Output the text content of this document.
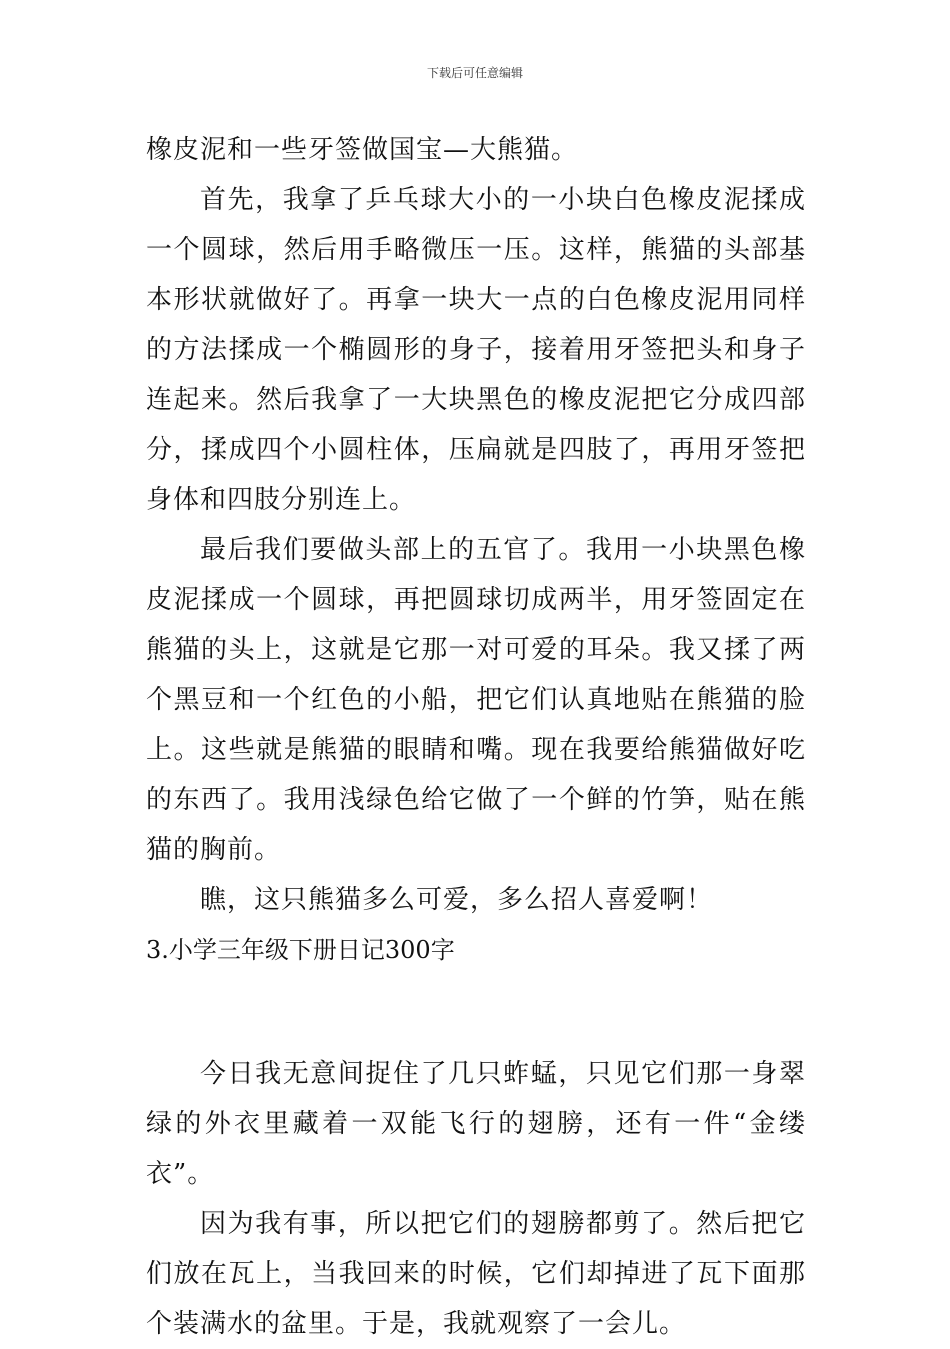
下载后可任意编辑

橡皮泥和一些牙签做国宝—大熊猫。

首先，我拿了乒乓球大小的一小块白色橡皮泥揉成一个圆球，然后用手略微压一压。这样，熊猫的头部基本形状就做好了。再拿一块大一点的白色橡皮泥用同样的方法揉成一个椭圆形的身子，接着用牙签把头和身子连起来。然后我拿了一大块黑色的橡皮泥把它分成四部分，揉成四个小圆柱体，压扁就是四肢了，再用牙签把身体和四肢分别连上。

最后我们要做头部上的五官了。我用一小块黑色橡皮泥揉成一个圆球，再把圆球切成两半，用牙签固定在熊猫的头上，这就是它那一对可爱的耳朵。我又揉了两个黑豆和一个红色的小船，把它们认真地贴在熊猫的脸上。这些就是熊猫的眼睛和嘴。现在我要给熊猫做好吃的东西了。我用浅绿色给它做了一个鲜的竹笋，贴在熊猫的胸前。

瞧，这只熊猫多么可爱，多么招人喜爱啊！

3.小学三年级下册日记300字

今日我无意间捉住了几只蚱蜢，只见它们那一身翠绿的外衣里藏着一双能飞行的翅膀，还有一件“金缕衣”。

因为我有事，所以把它们的翅膀都剪了。然后把它们放在瓦上，当我回来的时候，它们却掉进了瓦下面那个装满水的盆里。于是，我就观察了一会儿。
